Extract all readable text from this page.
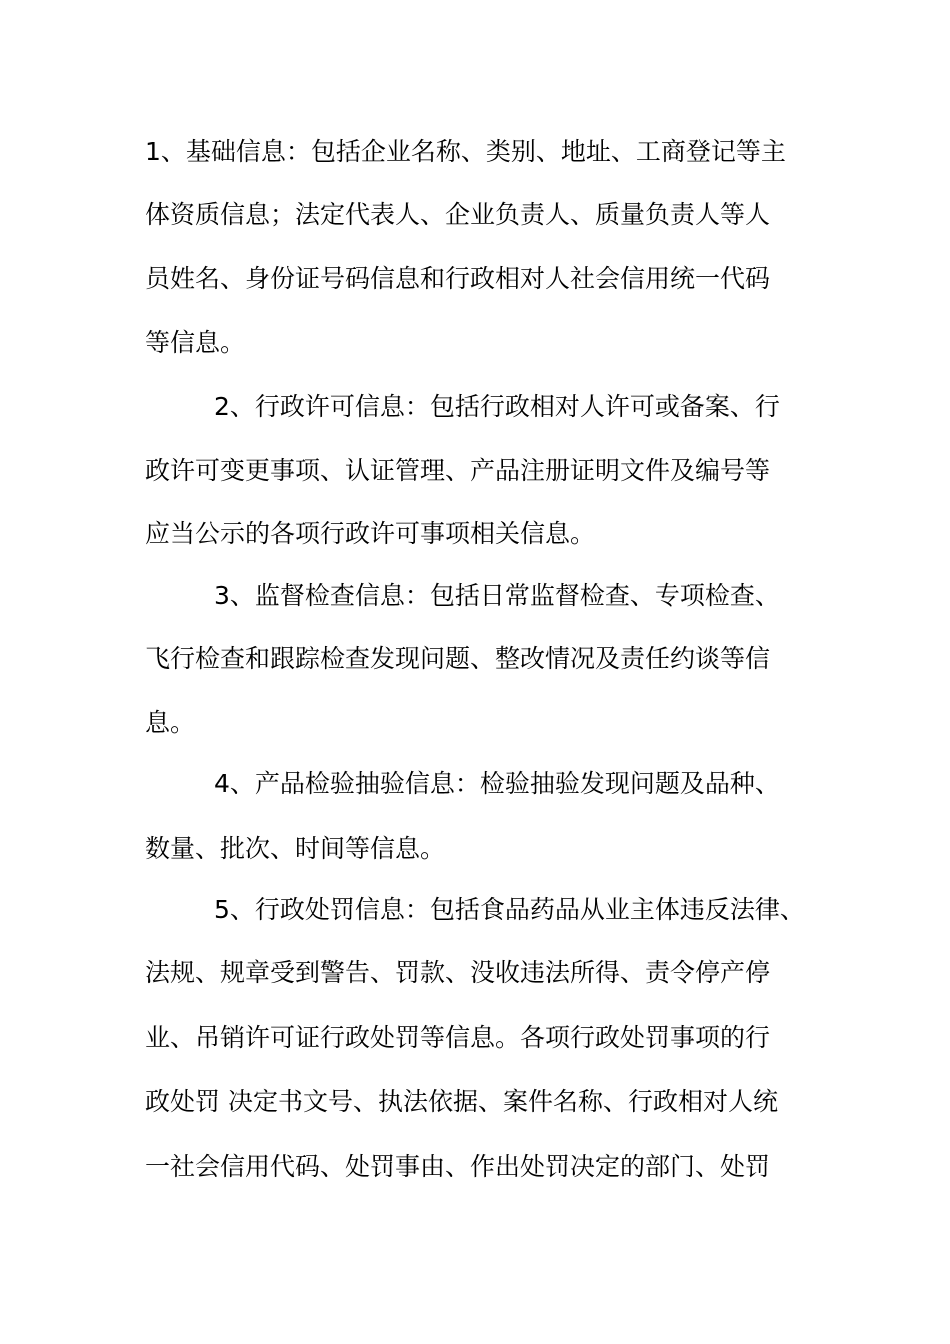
1、基础信息：包括企业名称、类别、地址、工商登记等主
体资质信息；法定代表人、企业负责人、质量负责人等人
员姓名、身份证号码信息和行政相对人社会信用统一代码
等信息。
2、行政许可信息：包括行政相对人许可或备案、行
政许可变更事项、认证管理、产品注册证明文件及编号等
应当公示的各项行政许可事项相关信息。
3、监督检查信息：包括日常监督检查、专项检查、
飞行检查和跟踪检查发现问题、整改情况及责任约谈等信
息。
4、产品检验抽验信息：检验抽验发现问题及品种、
数量、批次、时间等信息。
5、行政处罚信息：包括食品药品从业主体违反法律、
法规、规章受到警告、罚款、没收违法所得、责令停产停
业、吊销许可证行政处罚等信息。各项行政处罚事项的行
政处罚 决定书文号、执法依据、案件名称、行政相对人统
一社会信用代码、处罚事由、作出处罚决定的部门、处罚
